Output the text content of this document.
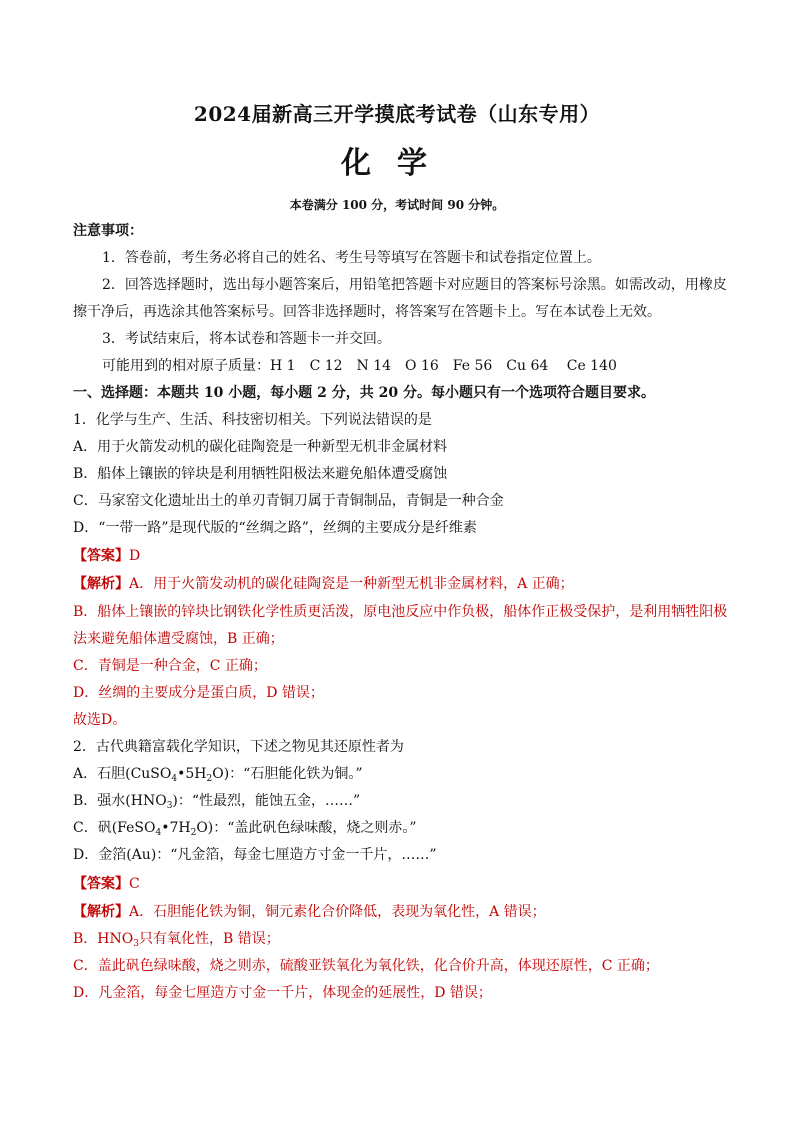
2024届新高三开学摸底考试卷（山东专用）
化学
本卷满分 100 分，考试时间 90 分钟。
注意事项：
1．答卷前，考生务必将自己的姓名、考生号等填写在答题卡和试卷指定位置上。
2．回答选择题时，选出每小题答案后，用铅笔把答题卡对应题目的答案标号涂黑。如需改动，用橡皮
擦干净后，再选涂其他答案标号。回答非选择题时，将答案写在答题卡上。写在本试卷上无效。
3．考试结束后，将本试卷和答题卡一并交回。
可能用到的相对原子质量：H 1　C 12　N 14　O 16　Fe 56　Cu 64　 Ce 140
一、选择题：本题共 10 小题，每小题 2 分，共 20 分。每小题只有一个选项符合题目要求。
1．化学与生产、生活、科技密切相关。下列说法错误的是
A．用于火箭发动机的碳化硅陶瓷是一种新型无机非金属材料
B．船体上镶嵌的锌块是利用牺牲阳极法来避免船体遭受腐蚀
C．马家窑文化遗址出土的单刃青铜刀属于青铜制品，青铜是一种合金
D．“一带一路”是现代版的“丝绸之路”，丝绸的主要成分是纤维素
【答案】D
【解析】A．用于火箭发动机的碳化硅陶瓷是一种新型无机非金属材料，A 正确；
B．船体上镶嵌的锌块比钢铁化学性质更活泼，原电池反应中作负极，船体作正极受保护，是利用牺牲阳极
法来避免船体遭受腐蚀，B 正确；
C．青铜是一种合金，C 正确；
D．丝绸的主要成分是蛋白质，D 错误；
故选D。
2．古代典籍富载化学知识，下述之物见其还原性者为
A．石胆$(CuSO_4•5H_2O)$：“石胆能化铁为铜。”
B．强水$(HNO_3)$：“性最烈，能蚀五金，……”
C．矾$(FeSO_4•7H_2O)$：“盖此矾色绿味酸，烧之则赤。”
D．金箔(Au)：“凡金箔，每金七厘造方寸金一千片，……”
【答案】C
【解析】A．石胆能化铁为铜，铜元素化合价降低，表现为氧化性，A 错误；
B．$HNO_3$只有氧化性，B 错误；
C．盖此矾色绿味酸，烧之则赤，硫酸亚铁氧化为氧化铁，化合价升高，体现还原性，C 正确；
D．凡金箔，每金七厘造方寸金一千片，体现金的延展性，D 错误；
